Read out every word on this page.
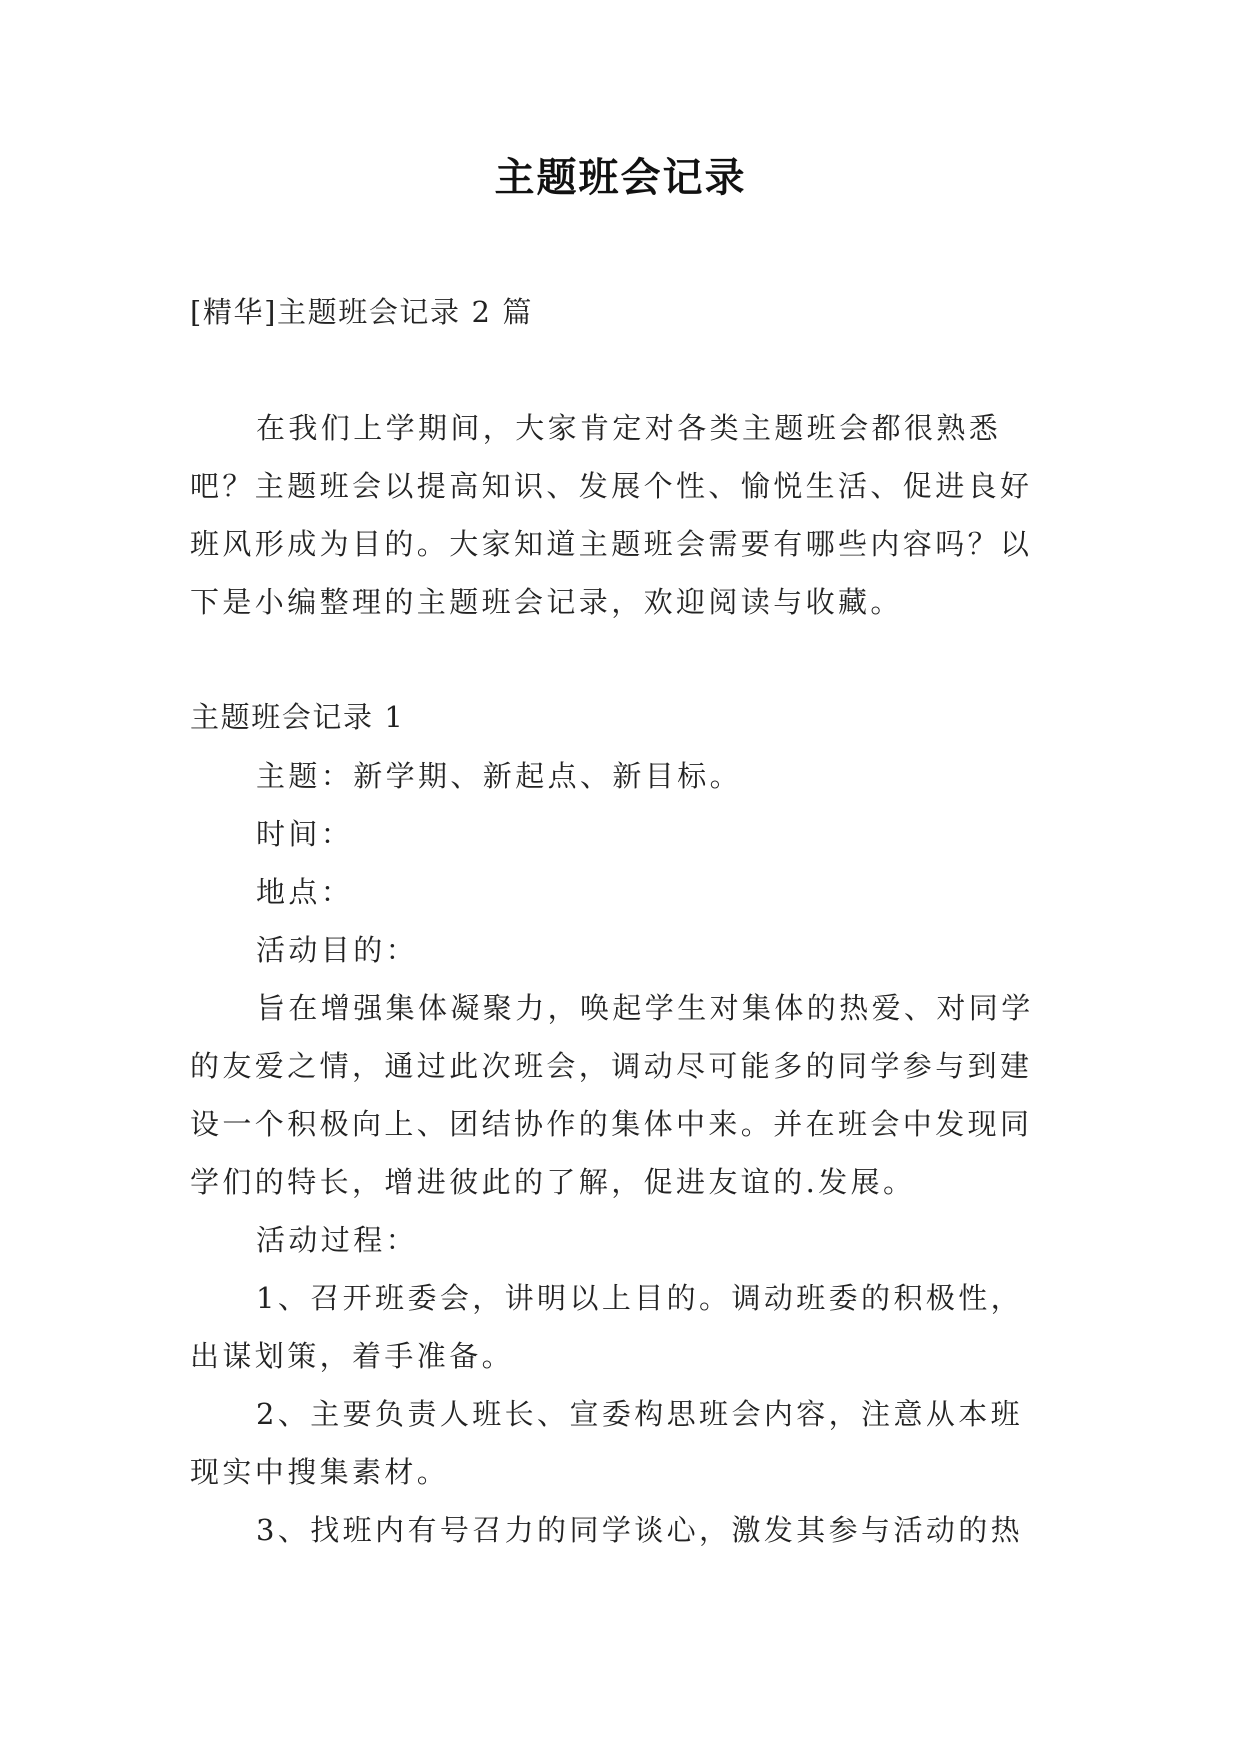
主题班会记录
[精华]主题班会记录 2 篇
在我们上学期间，大家肯定对各类主题班会都很熟悉
吧？主题班会以提高知识、发展个性、愉悦生活、促进良好
班风形成为目的。大家知道主题班会需要有哪些内容吗？以
下是小编整理的主题班会记录，欢迎阅读与收藏。
主题班会记录 1
主题：新学期、新起点、新目标。
时间：
地点：
活动目的：
旨在增强集体凝聚力，唤起学生对集体的热爱、对同学
的友爱之情，通过此次班会，调动尽可能多的同学参与到建
设一个积极向上、团结协作的集体中来。并在班会中发现同
学们的特长，增进彼此的了解，促进友谊的.发展。
活动过程：
1、召开班委会，讲明以上目的。调动班委的积极性，
出谋划策，着手准备。
2、主要负责人班长、宣委构思班会内容，注意从本班
现实中搜集素材。
3、找班内有号召力的同学谈心，激发其参与活动的热
